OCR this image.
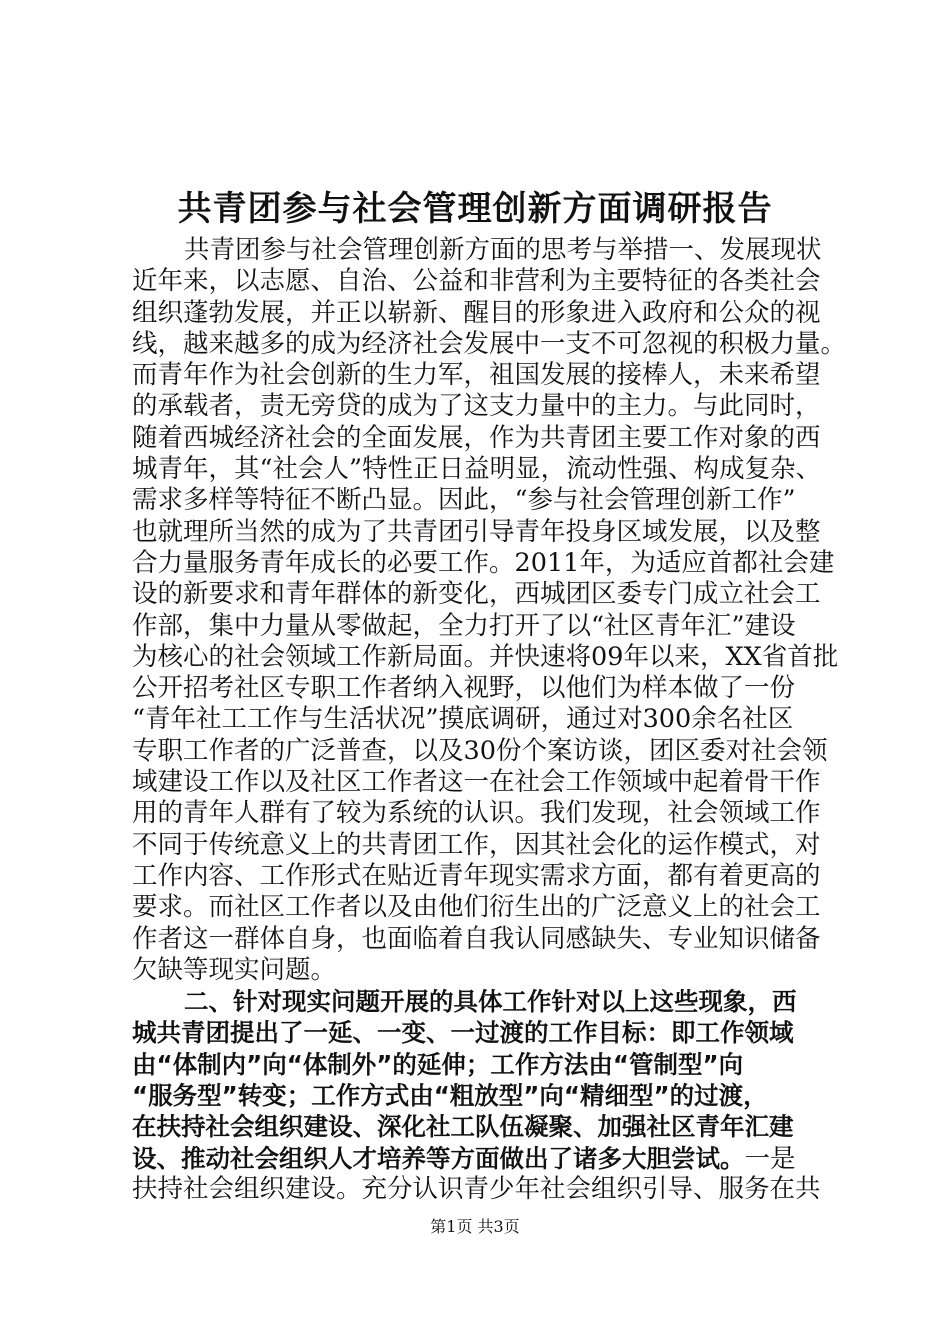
共青团参与社会管理创新方面调研报告
共青团参与社会管理创新方面的思考与举措一、发展现状
近年来，以志愿、自治、公益和非营利为主要特征的各类社会
组织蓬勃发展，并正以崭新、醒目的形象进入政府和公众的视
线，越来越多的成为经济社会发展中一支不可忽视的积极力量。
而青年作为社会创新的生力军，祖国发展的接棒人，未来希望
的承载者，责无旁贷的成为了这支力量中的主力。与此同时，
随着西城经济社会的全面发展，作为共青团主要工作对象的西
城青年，其“社会人”特性正日益明显，流动性强、构成复杂、
需求多样等特征不断凸显。因此，“参与社会管理创新工作”
也就理所当然的成为了共青团引导青年投身区域发展，以及整
合力量服务青年成长的必要工作。2011年，为适应首都社会建
设的新要求和青年群体的新变化，西城团区委专门成立社会工
作部，集中力量从零做起，全力打开了以“社区青年汇”建设
为核心的社会领域工作新局面。并快速将09年以来，XX省首批
公开招考社区专职工作者纳入视野，以他们为样本做了一份
“青年社工工作与生活状况”摸底调研，通过对300余名社区
专职工作者的广泛普查，以及30份个案访谈，团区委对社会领
域建设工作以及社区工作者这一在社会工作领域中起着骨干作
用的青年人群有了较为系统的认识。我们发现，社会领域工作
不同于传统意义上的共青团工作，因其社会化的运作模式，对
工作内容、工作形式在贴近青年现实需求方面，都有着更高的
要求。而社区工作者以及由他们衍生出的广泛意义上的社会工
作者这一群体自身，也面临着自我认同感缺失、专业知识储备
欠缺等现实问题。
二、针对现实问题开展的具体工作针对以上这些现象，西
城共青团提出了一延、一变、一过渡的工作目标：即工作领域
由“体制内”向“体制外”的延伸；工作方法由“管制型”向
“服务型”转变；工作方式由“粗放型”向“精细型”的过渡，
在扶持社会组织建设、深化社工队伍凝聚、加强社区青年汇建
设、推动社会组织人才培养等方面做出了诸多大胆尝试。一是
扶持社会组织建设。充分认识青少年社会组织引导、服务在共
第1页 共3页
